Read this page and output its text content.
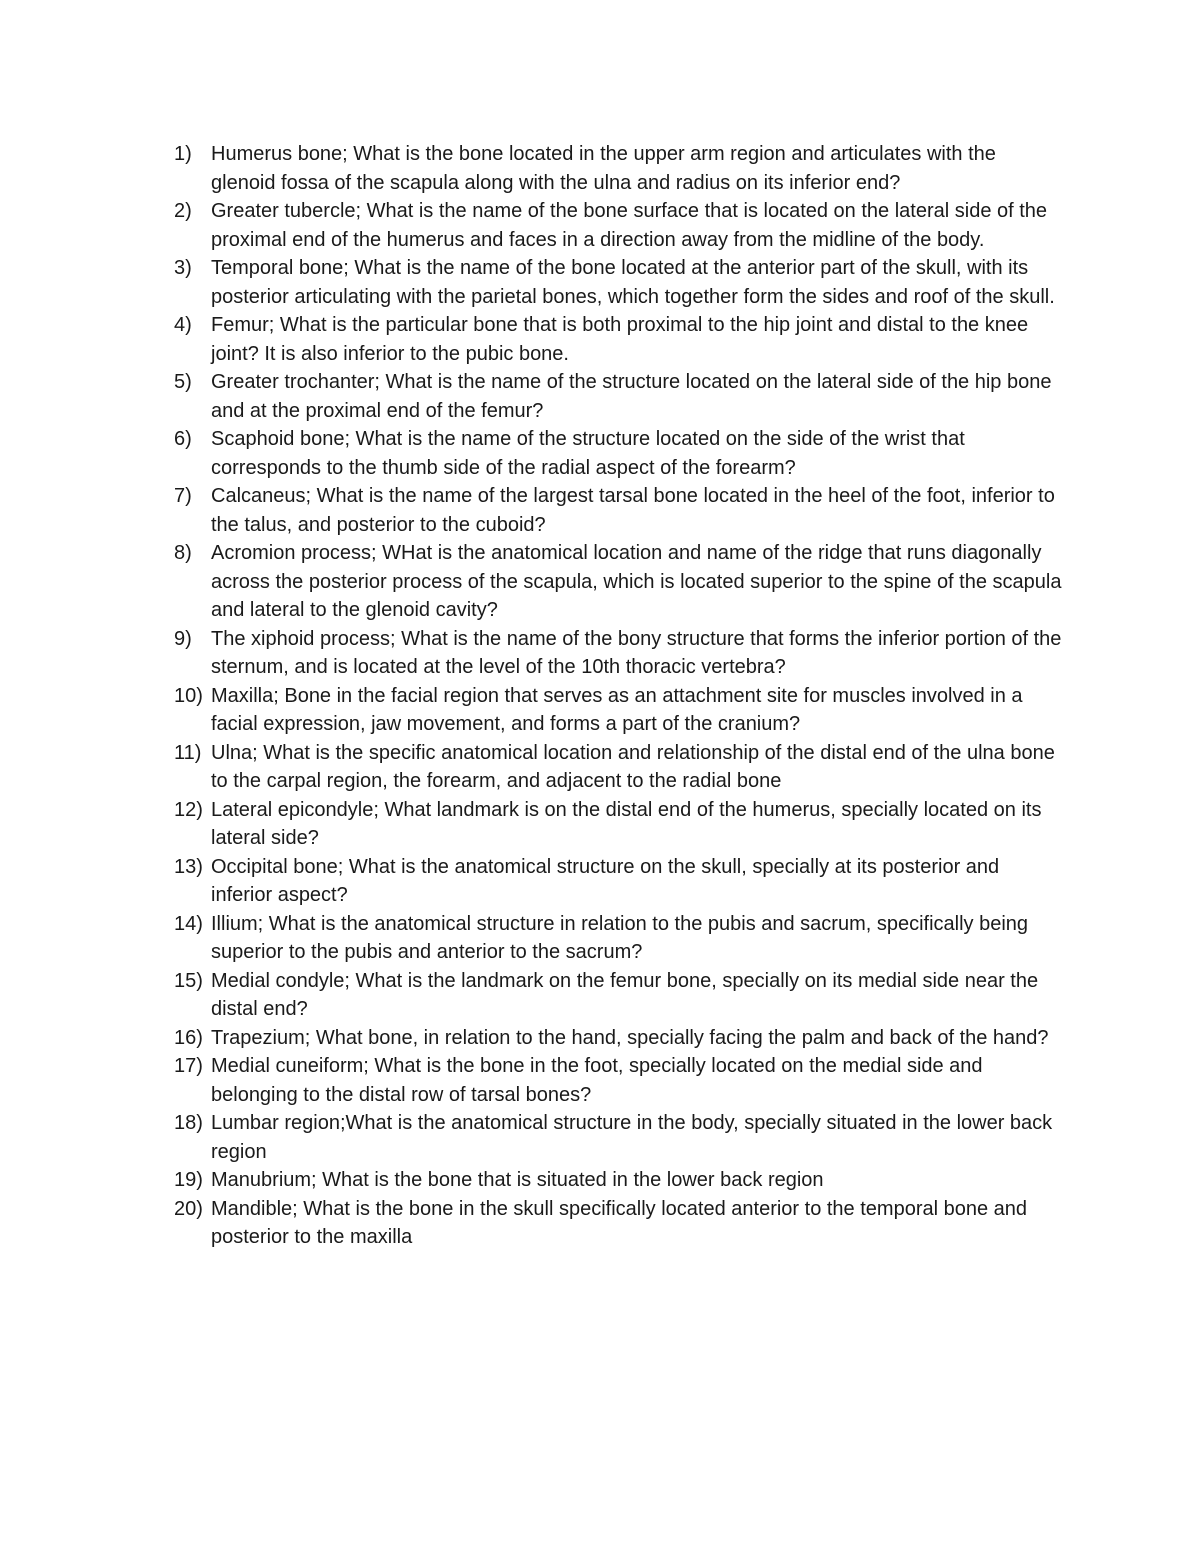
1) Humerus bone; What is the bone located in the upper arm region and articulates with the glenoid fossa of the scapula along with the ulna and radius on its inferior end?
2) Greater tubercle; What is the name of the bone surface that is located on the lateral side of the proximal end of the humerus and faces in a direction away from the midline of the body.
3) Temporal bone; What is the name of the bone located at the anterior part of the skull, with its posterior articulating with the parietal bones, which together form the sides and roof of the skull.
4) Femur; What is the particular bone that is both proximal to the hip joint and distal to the knee joint? It is also inferior to the pubic bone.
5) Greater trochanter; What is the name of the structure located on the lateral side of the hip bone and at the proximal end of the femur?
6) Scaphoid bone; What is the name of the structure located on the side of the wrist that corresponds to the thumb side of the radial aspect of the forearm?
7) Calcaneus; What is the name of the largest tarsal bone located in the heel of the foot, inferior to the talus, and posterior to the cuboid?
8) Acromion process; WHat is the anatomical location and name of the ridge that runs diagonally across the posterior process of the scapula, which is located superior to the spine of the scapula and lateral to the glenoid cavity?
9) The xiphoid process; What is the name of the bony structure that forms the inferior portion of the sternum, and is located at the level of the 10th thoracic vertebra?
10) Maxilla; Bone in the facial region that serves as an attachment site for muscles involved in a facial expression, jaw movement, and forms a part of the cranium?
11) Ulna; What is the specific anatomical location and relationship of the distal end of the ulna bone to the carpal region, the forearm, and adjacent to the radial bone
12) Lateral epicondyle; What landmark is on the distal end of the humerus, specially located on its lateral side?
13) Occipital bone; What is the anatomical structure on the skull, specially at its posterior and inferior aspect?
14) Illium; What is the anatomical structure in relation to the pubis and sacrum, specifically being superior to the pubis and anterior to the sacrum?
15) Medial condyle; What is the landmark on the femur bone, specially on its medial side near the distal end?
16) Trapezium; What bone, in relation to the hand, specially facing the palm and back of the hand?
17) Medial cuneiform; What is the bone in the foot, specially located on the medial side and belonging to the distal row of tarsal bones?
18) Lumbar region;What is the anatomical structure in the body, specially situated in the lower back region
19) Manubrium; What is the bone that is situated in the lower back region
20) Mandible; What is the bone in the skull specifically located anterior to the temporal bone and posterior to the maxilla
